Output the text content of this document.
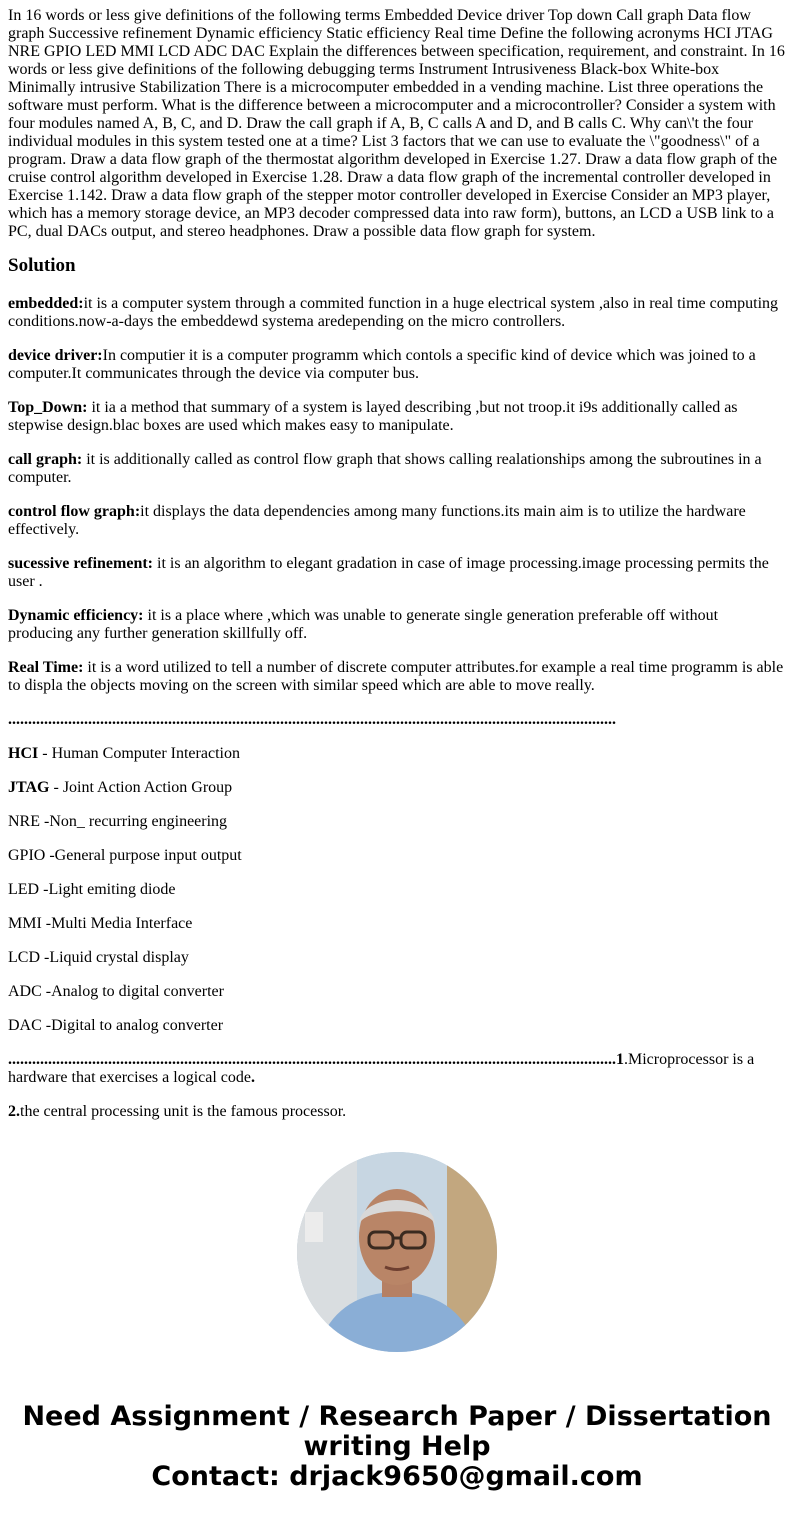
In 16 words or less give definitions of the following terms Embedded Device driver Top down Call graph Data flow graph Successive refinement Dynamic efficiency Static efficiency Real time Define the following acronyms HCI JTAG NRE GPIO LED MMI LCD ADC DAC Explain the differences between specification, requirement, and constraint. In 16 words or less give definitions of the following debugging terms Instrument Intrusiveness Black-box White-box Minimally intrusive Stabilization There is a microcomputer embedded in a vending machine. List three operations the software must perform. What is the difference between a microcomputer and a microcontroller? Consider a system with four modules named A, B, C, and D. Draw the call graph if A, B, C calls A and D, and B calls C. Why can\'t the four individual modules in this system tested one at a time? List 3 factors that we can use to evaluate the \"goodness\" of a program. Draw a data flow graph of the thermostat algorithm developed in Exercise 1.27. Draw a data flow graph of the cruise control algorithm developed in Exercise 1.28. Draw a data flow graph of the incremental controller developed in Exercise 1.142. Draw a data flow graph of the stepper motor controller developed in Exercise Consider an MP3 player, which has a memory storage device, an MP3 decoder compressed data into raw form), buttons, an LCD a USB link to a PC, dual DACs output, and stereo headphones. Draw a possible data flow graph for system.
Solution

embedded:it is a computer system through a commited function in a huge electrical system ,also in real time computing conditions.now-a-days the embeddewd systema aredepending on the micro controllers.

device driver:In computier it is a computer programm which contols a specific kind of device which was joined to a computer.It communicates through the device via computer bus.

Top_Down: it ia a method that summary of a system is layed describing ,but not troop.it i9s additionally called as stepwise design.blac boxes are used which makes easy to manipulate.

call graph: it is additionally called as control flow graph that shows calling realationships among the subroutines in a computer.

control flow graph:it displays the data dependencies among many functions.its main aim is to utilize the hardware effectively.

sucessive refinement: it is an algorithm to elegant gradation in case of image processing.image processing permits the user .

Dynamic efficiency: it is a place where ,which was unable to generate single generation preferable off without producing any further generation skillfully off.

Real Time: it is a word utilized to tell a number of discrete computer attributes.for example a real time programm is able to displa the objects moving on the screen with similar speed which are able to move really.

........................................................................................................................................................

HCI - Human Computer Interaction

JTAG - Joint Action Action Group

NRE -Non_ recurring engineering

GPIO -General purpose input output

LED -Light emiting diode

MMI -Multi Media Interface

LCD -Liquid crystal display

ADC -Analog to digital converter

DAC -Digital to analog converter

........................................................................................................................................................1.Microprocessor is a hardware that exercises a logical code.

2.the central processing unit is the famous processor.

Need Assignment / Research Paper / Dissertation
writing Help
Contact: drjack9650@gmail.com
